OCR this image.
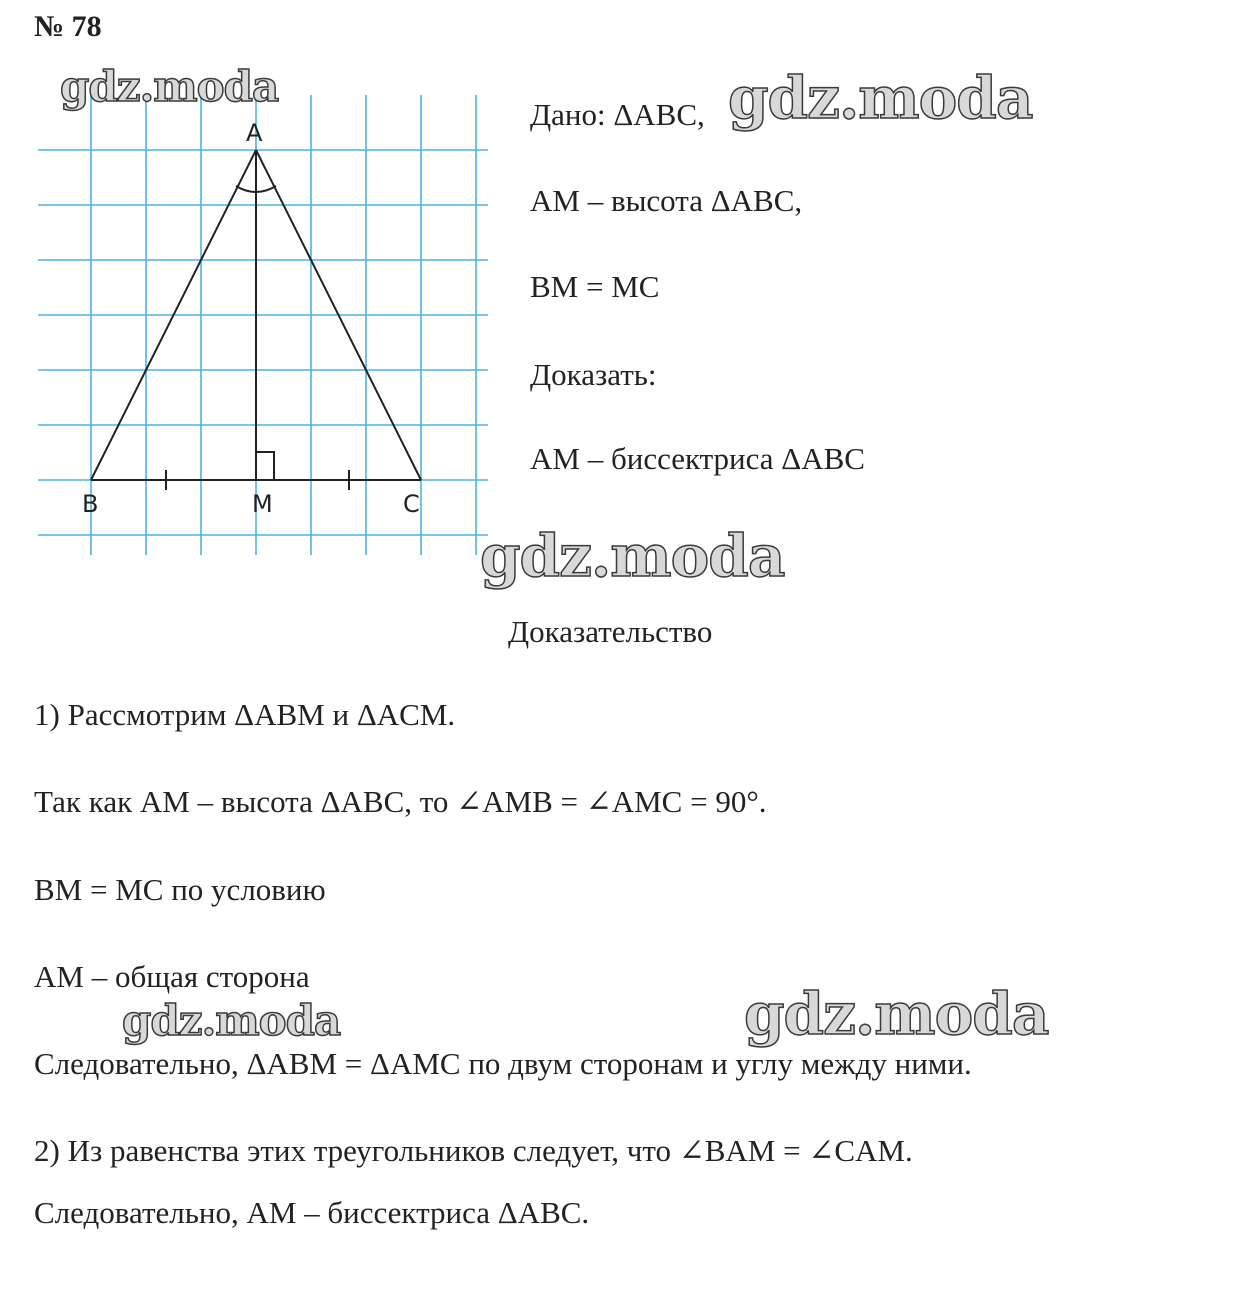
№ 78
A
B	M	C
Дано: ΔABC,
AM – высота ΔABC,
BM = MC
Доказать:
AM – биссектриса ΔABC
Доказательство
1) Рассмотрим ΔABM и ΔACM.
Так как AM – высота ΔABC, то ∠AMB = ∠AMC = 90°.
BM = MC по условию
AM – общая сторона
Следовательно, ΔABM = ΔAMC по двум сторонам и углу между ними.
2) Из равенства этих треугольников следует, что ∠BAM = ∠CAM.
Следовательно, AM – биссектриса ΔABC.
gdz.moda	gdz.moda
gdz.moda
gdz.moda	gdz.moda
